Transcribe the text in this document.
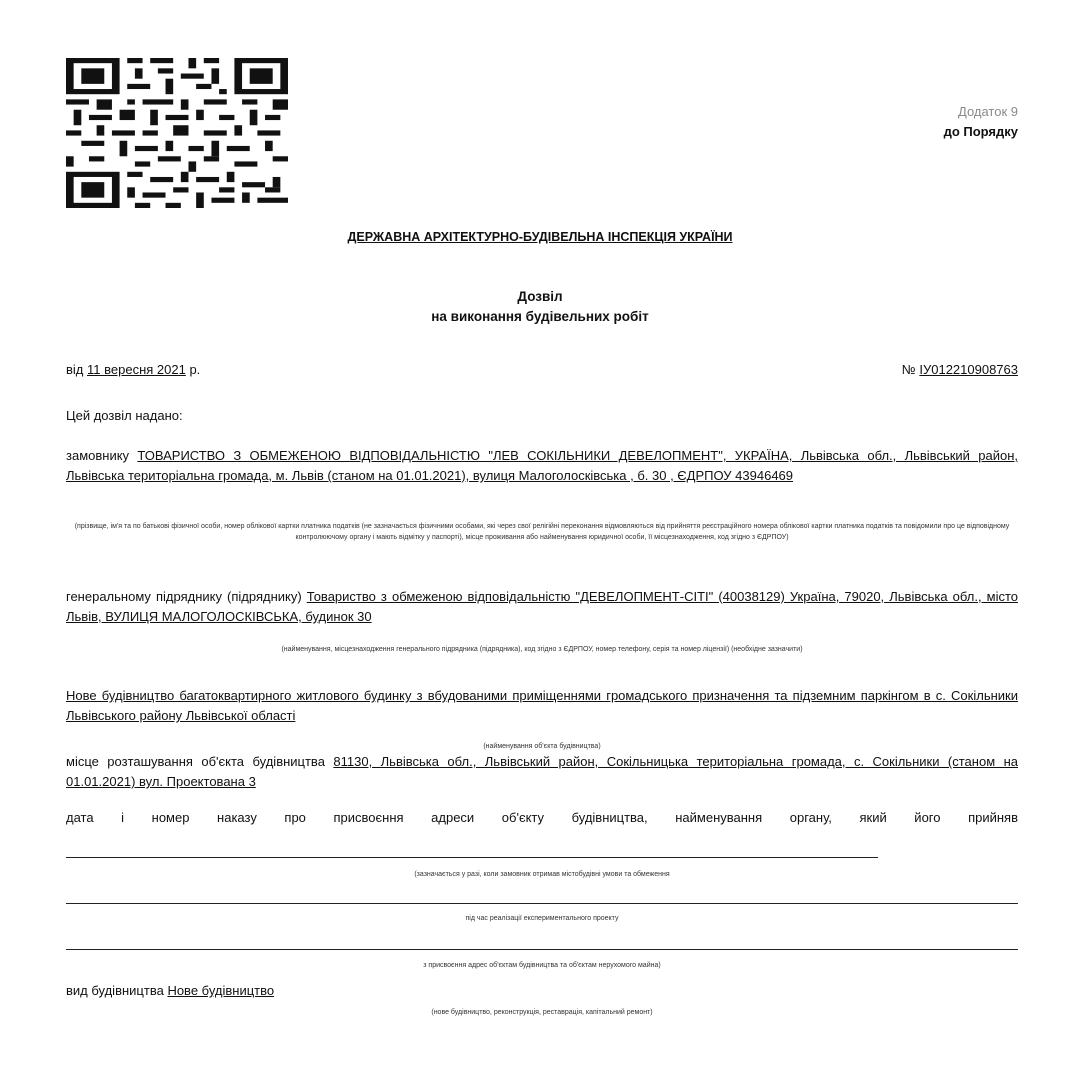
Додаток 9
до Порядку
ДЕРЖАВНА АРХІТЕКТУРНО-БУДІВЕЛЬНА ІНСПЕКЦІЯ УКРАЇНИ
Дозвіл
на виконання будівельних робіт
від 11 вересня 2021 р.	№ ІУ012210908763
Цей дозвіл надано:
замовнику ТОВАРИСТВО З ОБМЕЖЕНОЮ ВІДПОВІДАЛЬНІСТЮ "ЛЕВ СОКІЛЬНИКИ ДЕВЕЛОПМЕНТ", УКРАЇНА, Львівська обл., Львівський район, Львівська територіальна громада, м. Львів (станом на 01.01.2021), вулиця Малоголосківська , б. 30 , ЄДРПОУ 43946469
(прізвище, ім'я та по батькові фізичної особи, номер облікової картки платника податків (не зазначається фізичними особами, які через свої релігійні переконання відмовляються від прийняття реєстраційного номера облікової картки платника податків та повідомили про це відповідному контролюючому органу і мають відмітку у паспорті), місце проживання або найменування юридичної особи, її місцезнаходження, код згідно з ЄДРПОУ)
генеральному підряднику (підряднику) Товариство з обмеженою відповідальністю "ДЕВЕЛОПМЕНТ-СІТІ" (40038129) Україна, 79020, Львівська обл., місто Львів, ВУЛИЦЯ МАЛОГОЛОСКІВСЬКА, будинок 30
(найменування, місцезнаходження генерального підрядника (підрядника), код згідно з ЄДРПОУ, номер телефону, серія та номер ліцензії) (необхідне зазначити)
Нове будівництво багатоквартирного житлового будинку з вбудованими приміщеннями громадського призначення та підземним паркінгом в с. Сокільники Львівського району Львівської області
(найменування об'єкта будівництва)
місце розташування об'єкта будівництва 81130, Львівська обл., Львівський район, Сокільницька територіальна громада, с. Сокільники (станом на 01.01.2021) вул. Проектована 3
дата і номер наказу про присвоєння адреси об'єкту будівництва, найменування органу, який його прийняв
(зазначається у разі, коли замовник отримав містобудівні умови та обмеження
під час реалізації експериментального проекту
з присвоєння адрес об'єктам будівництва та об'єктам нерухомого майна)
вид будівництва Нове будівництво
(нове будівництво, реконструкція, реставрація, капітальний ремонт)
